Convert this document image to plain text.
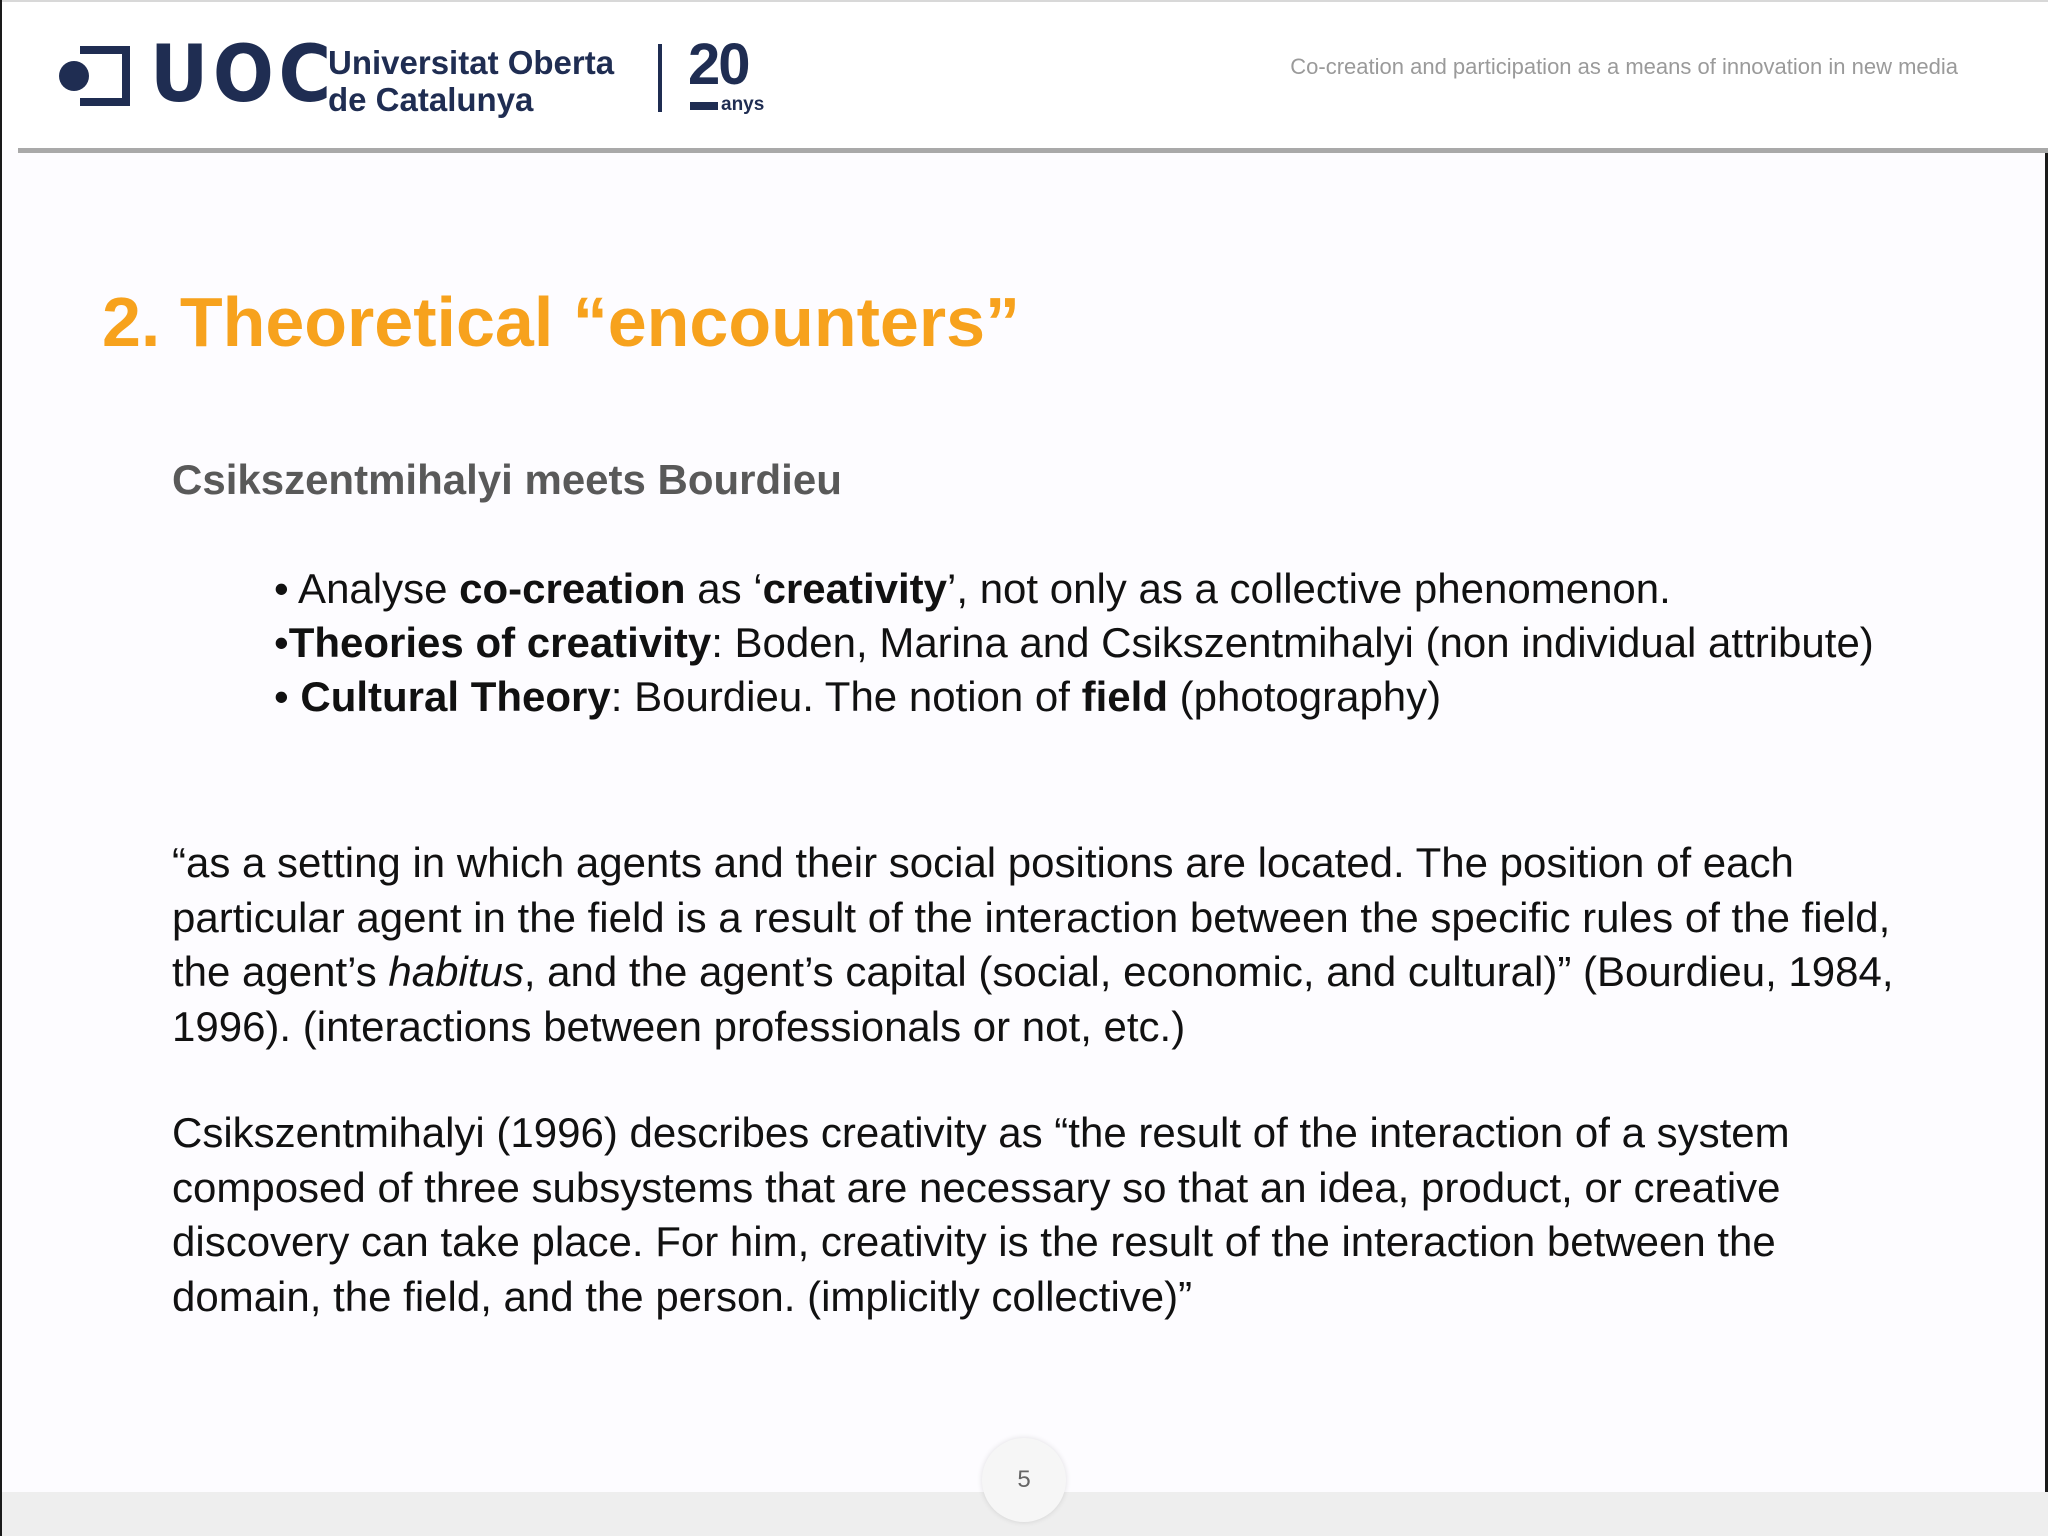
UOC
Universitat Oberta
de Catalunya
20
anys
Co-creation and participation as a means of innovation in new media
2. Theoretical “encounters”
Csikszentmihalyi meets Bourdieu

• Analyse co-creation as ‘creativity’, not only as a collective phenomenon.

•Theories of creativity: Boden, Marina and Csikszentmihalyi (non individual attribute)

• Cultural Theory: Bourdieu. The notion of field (photography)

“as a setting in which agents and their social positions are located. The position of each particular agent in the field is a result of the interaction between the specific rules of the field, the agent’s habitus, and the agent’s capital (social, economic, and cultural)” (Bourdieu, 1984, 1996). (interactions between professionals or not, etc.)
Csikszentmihalyi (1996) describes creativity as “the result of the interaction of a system composed of three subsystems that are necessary so that an idea, product, or creative discovery can take place. For him, creativity is the result of the interaction between the domain, the field, and the person. (implicitly collective)”
5
